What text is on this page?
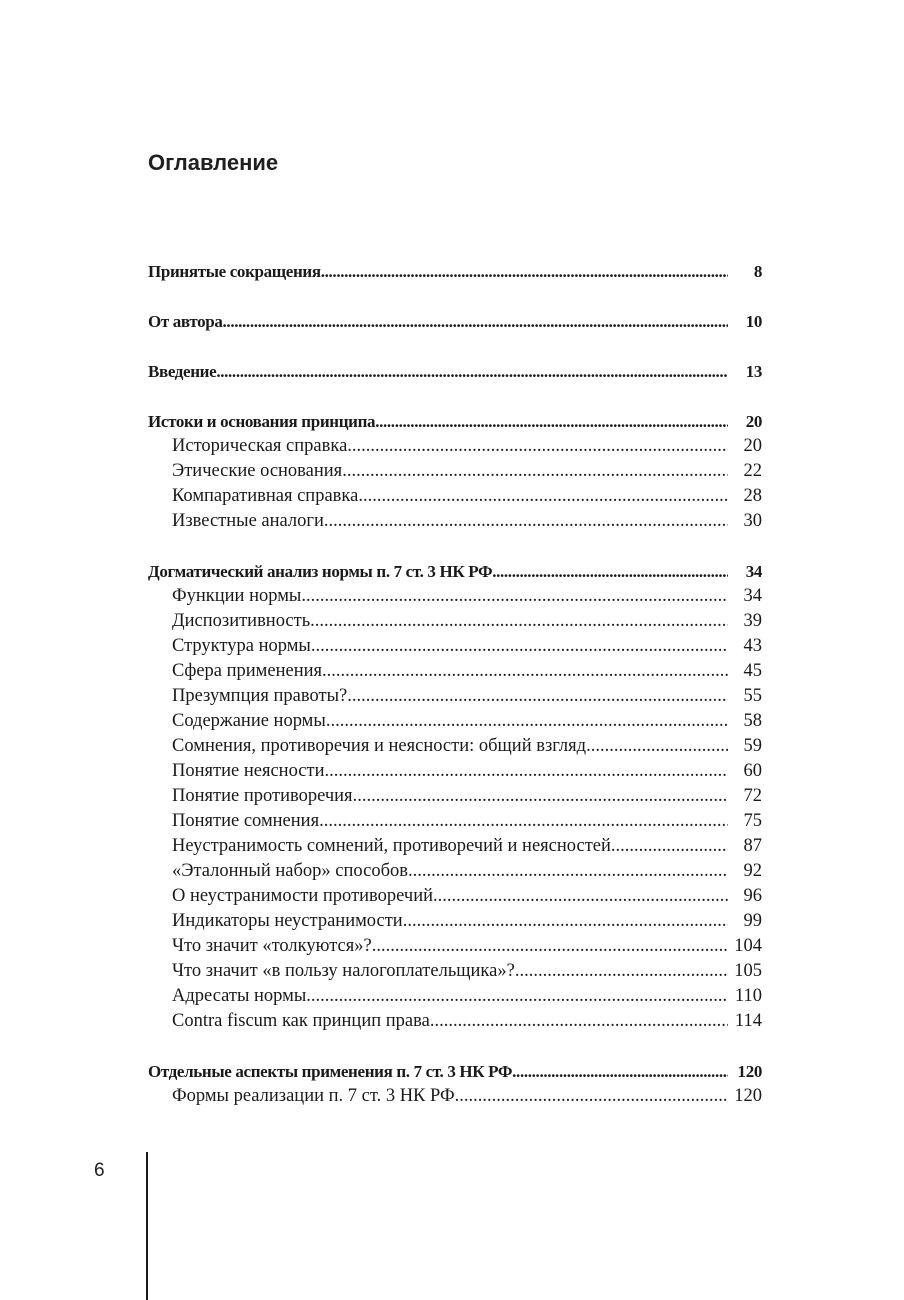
Оглавление
Принятые сокращения .....	8
От автора .....	10
Введение .....	13
Истоки и основания принципа .....	20
Историческая справка .....	20
Этические основания .....	22
Компаративная справка .....	28
Известные аналоги .....	30
Догматический анализ нормы п. 7 ст. 3 НК РФ .....	34
Функции нормы .....	34
Диспозитивность .....	39
Структура нормы .....	43
Сфера применения .....	45
Презумпция правоты? .....	55
Содержание нормы .....	58
Сомнения, противоречия и неясности: общий взгляд .....	59
Понятие неясности .....	60
Понятие противоречия .....	72
Понятие сомнения .....	75
Неустранимость сомнений, противоречий и неясностей .....	87
«Эталонный набор» способов .....	92
О неустранимости противоречий .....	96
Индикаторы неустранимости .....	99
Что значит «толкуются»? .....	104
Что значит «в пользу налогоплательщика»? .....	105
Адресаты нормы .....	110
Contra fiscum как принцип права .....	114
Отдельные аспекты применения п. 7 ст. 3 НК РФ .....	120
Формы реализации п. 7 ст. 3 НК РФ .....	120
6
